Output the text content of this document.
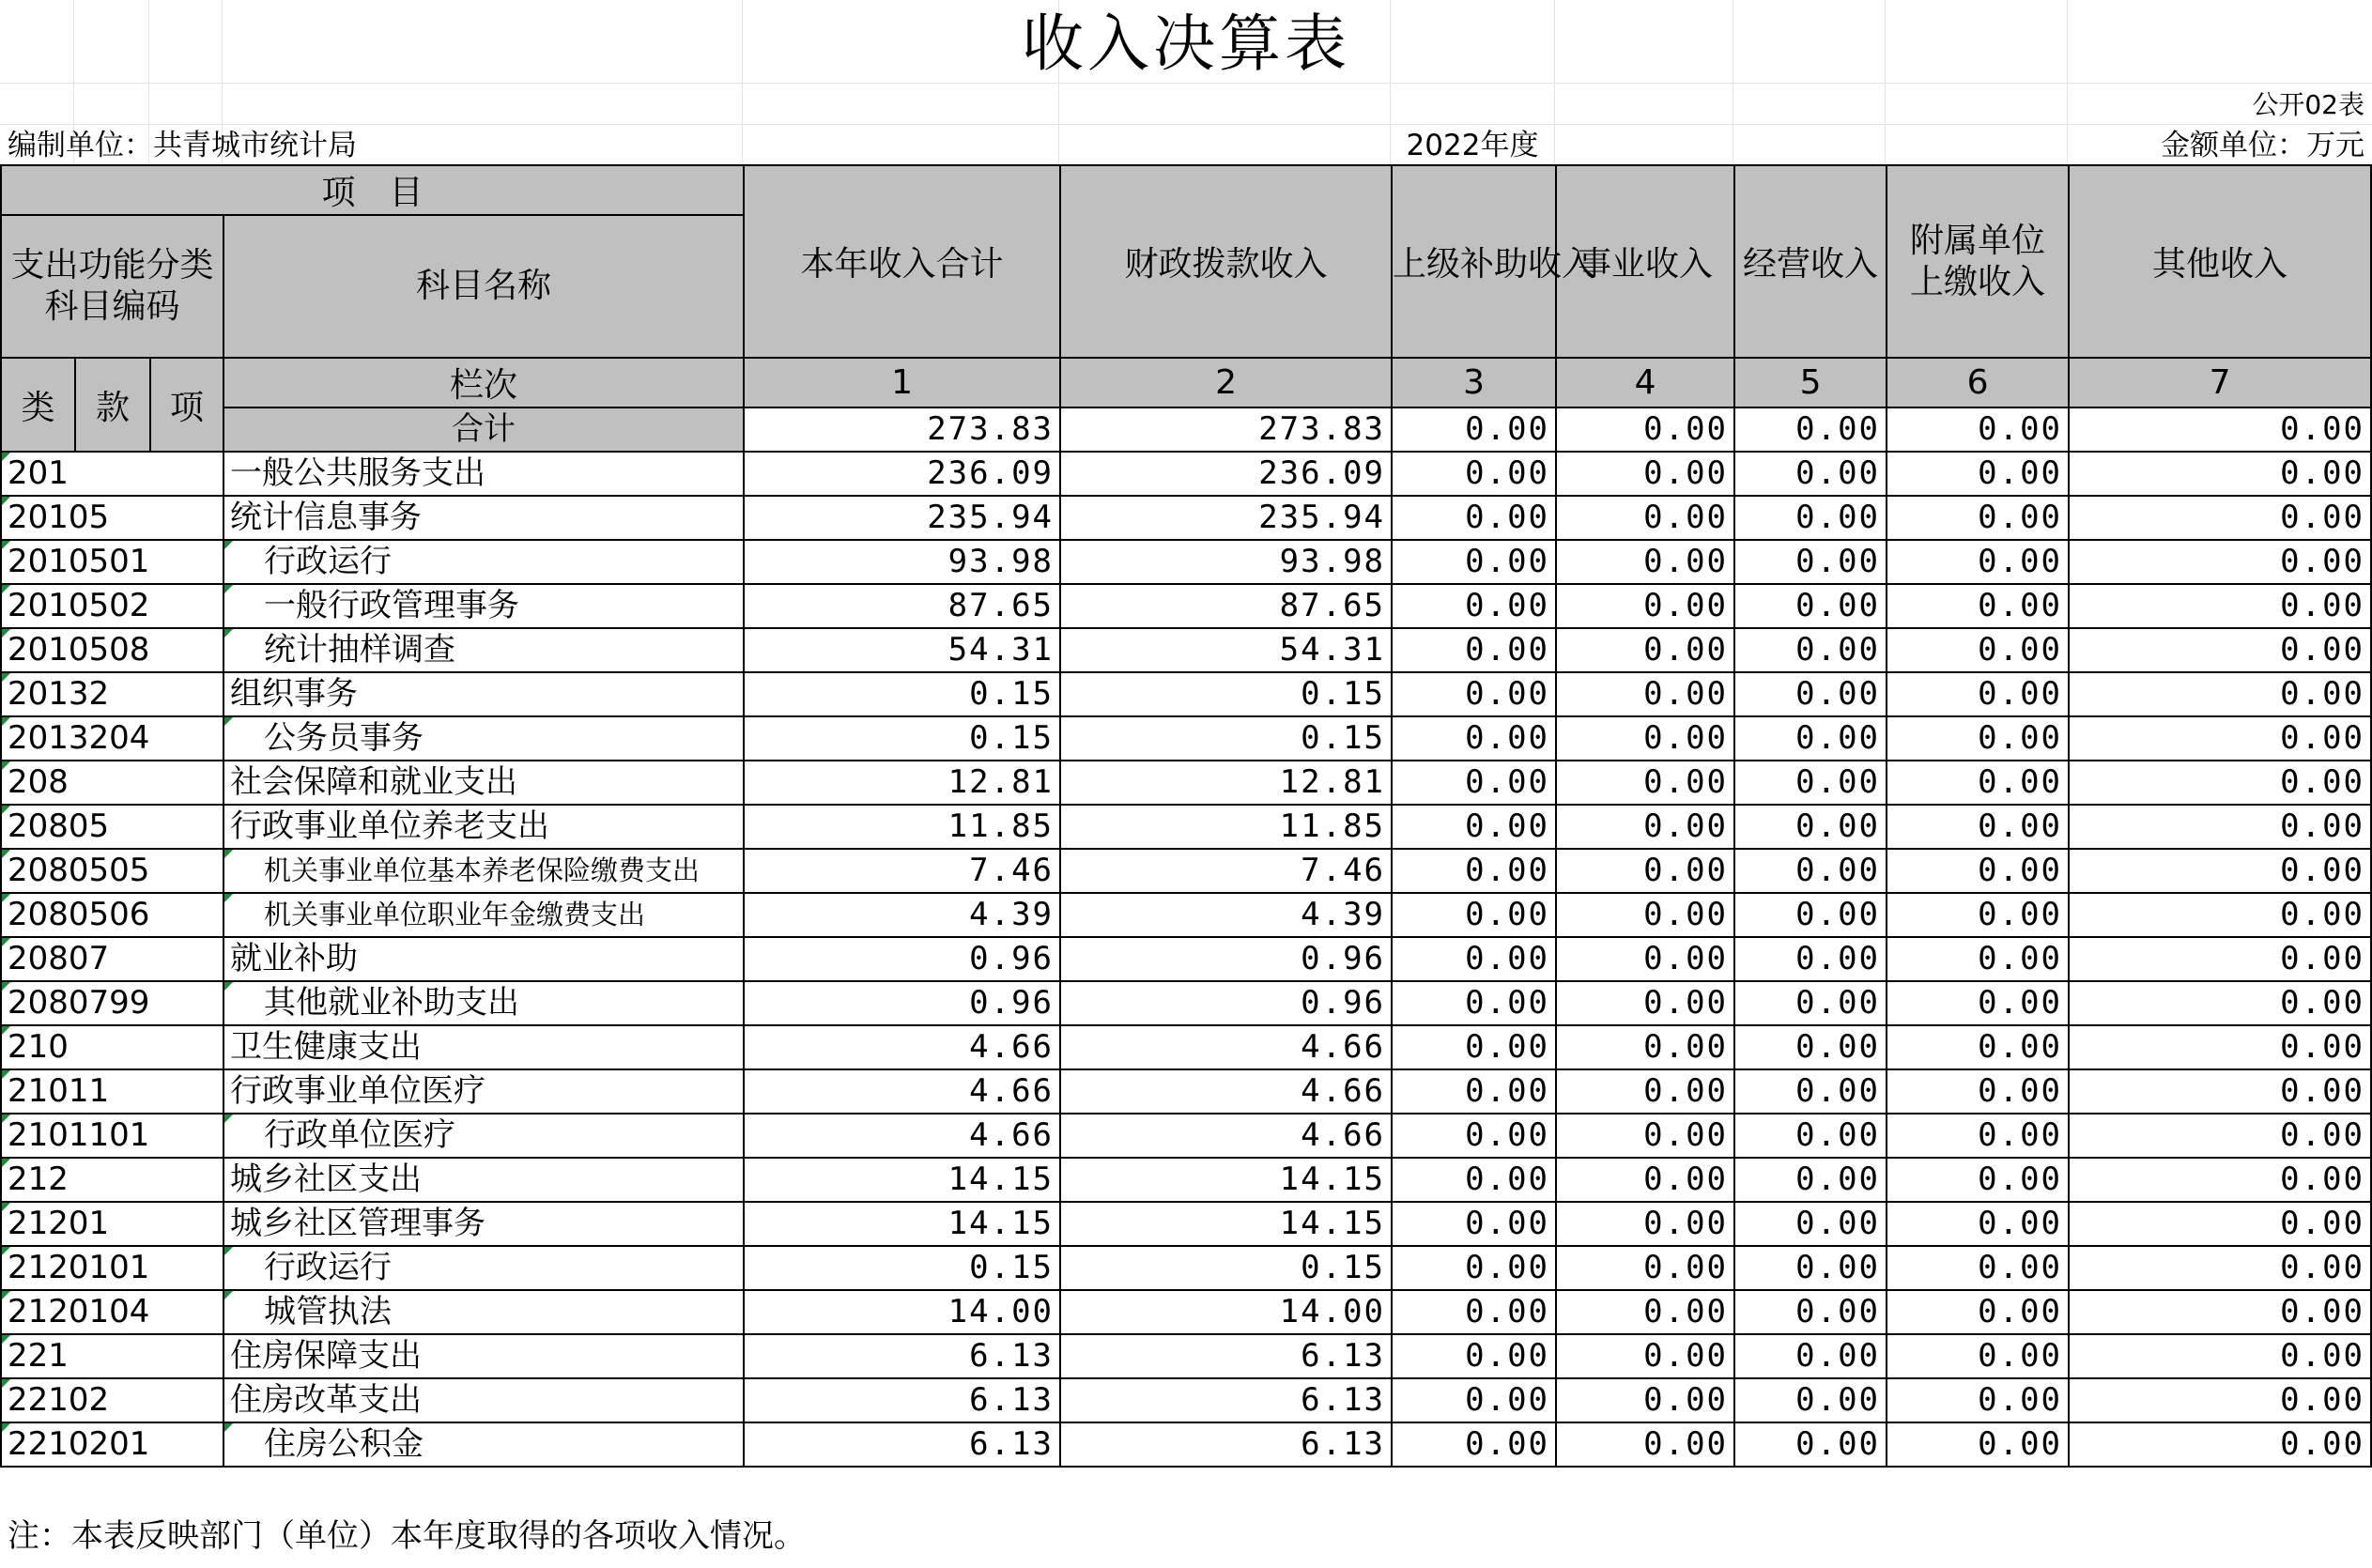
收入决算表
公开02表
编制单位：共青城市统计局	2022年度	金额单位：万元
项　目				本年收入合计	财政拨款收入	上级补助收入	事业收入	经营收入	附属单位上缴收入	其他收入
支出功能分类科目编码			科目名称							
类	款	项	栏次	1	2	3	4	5	6	7
			合计	273.83	273.83	0.00	0.00	0.00	0.00	0.00
201			一般公共服务支出	236.09	236.09	0.00	0.00	0.00	0.00	0.00
20105			统计信息事务	235.94	235.94	0.00	0.00	0.00	0.00	0.00
2010501			行政运行	93.98	93.98	0.00	0.00	0.00	0.00	0.00
2010502			一般行政管理事务	87.65	87.65	0.00	0.00	0.00	0.00	0.00
2010508			统计抽样调查	54.31	54.31	0.00	0.00	0.00	0.00	0.00
20132			组织事务	0.15	0.15	0.00	0.00	0.00	0.00	0.00
2013204			公务员事务	0.15	0.15	0.00	0.00	0.00	0.00	0.00
208			社会保障和就业支出	12.81	12.81	0.00	0.00	0.00	0.00	0.00
20805			行政事业单位养老支出	11.85	11.85	0.00	0.00	0.00	0.00	0.00
2080505			机关事业单位基本养老保险缴费支出	7.46	7.46	0.00	0.00	0.00	0.00	0.00
2080506			机关事业单位职业年金缴费支出	4.39	4.39	0.00	0.00	0.00	0.00	0.00
20807			就业补助	0.96	0.96	0.00	0.00	0.00	0.00	0.00
2080799			其他就业补助支出	0.96	0.96	0.00	0.00	0.00	0.00	0.00
210			卫生健康支出	4.66	4.66	0.00	0.00	0.00	0.00	0.00
21011			行政事业单位医疗	4.66	4.66	0.00	0.00	0.00	0.00	0.00
2101101			行政单位医疗	4.66	4.66	0.00	0.00	0.00	0.00	0.00
212			城乡社区支出	14.15	14.15	0.00	0.00	0.00	0.00	0.00
21201			城乡社区管理事务	14.15	14.15	0.00	0.00	0.00	0.00	0.00
2120101			行政运行	0.15	0.15	0.00	0.00	0.00	0.00	0.00
2120104			城管执法	14.00	14.00	0.00	0.00	0.00	0.00	0.00
221			住房保障支出	6.13	6.13	0.00	0.00	0.00	0.00	0.00
22102			住房改革支出	6.13	6.13	0.00	0.00	0.00	0.00	0.00
2210201			住房公积金	6.13	6.13	0.00	0.00	0.00	0.00	0.00
注：本表反映部门（单位）本年度取得的各项收入情况。
